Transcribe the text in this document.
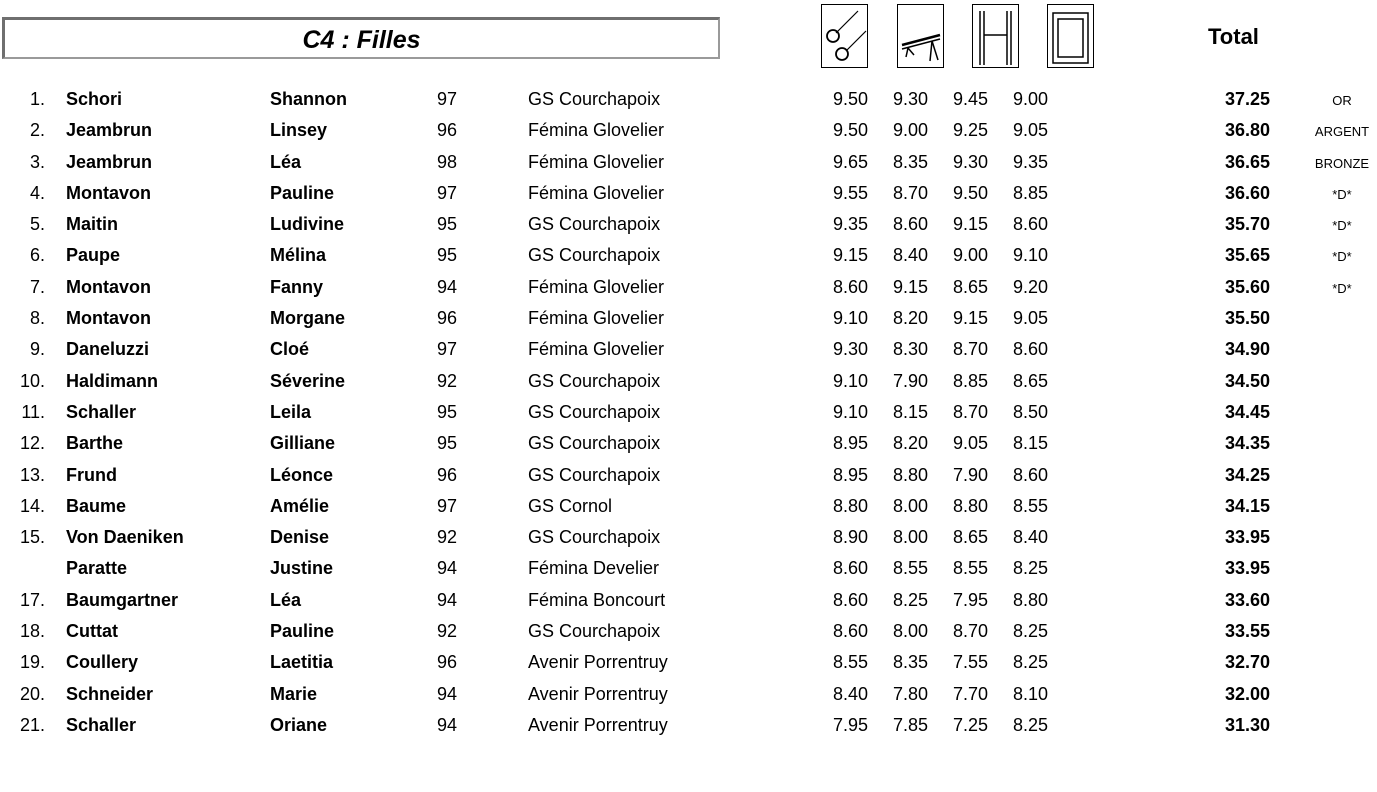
C4 : Filles	Total
1. Schori	Shannon	97	GS Courchapoix	9.50	9.30	9.45	9.00	37.25	OR
2. Jeambrun	Linsey	96	Fémina Glovelier	9.50	9.00	9.25	9.05	36.80	ARGENT
3. Jeambrun	Léa	98	Fémina Glovelier	9.65	8.35	9.30	9.35	36.65	BRONZE
4. Montavon	Pauline	97	Fémina Glovelier	9.55	8.70	9.50	8.85	36.60	*D*
5. Maitin	Ludivine	95	GS Courchapoix	9.35	8.60	9.15	8.60	35.70	*D*
6. Paupe	Mélina	95	GS Courchapoix	9.15	8.40	9.00	9.10	35.65	*D*
7. Montavon	Fanny	94	Fémina Glovelier	8.60	9.15	8.65	9.20	35.60	*D*
8. Montavon	Morgane	96	Fémina Glovelier	9.10	8.20	9.15	9.05	35.50
9. Daneluzzi	Cloé	97	Fémina Glovelier	9.30	8.30	8.70	8.60	34.90
10. Haldimann	Séverine	92	GS Courchapoix	9.10	7.90	8.85	8.65	34.50
11. Schaller	Leila	95	GS Courchapoix	9.10	8.15	8.70	8.50	34.45
12. Barthe	Gilliane	95	GS Courchapoix	8.95	8.20	9.05	8.15	34.35
13. Frund	Léonce	96	GS Courchapoix	8.95	8.80	7.90	8.60	34.25
14. Baume	Amélie	97	GS Cornol	8.80	8.00	8.80	8.55	34.15
15. Von Daeniken	Denise	92	GS Courchapoix	8.90	8.00	8.65	8.40	33.95
Paratte	Justine	94	Fémina Develier	8.60	8.55	8.55	8.25	33.95
17. Baumgartner	Léa	94	Fémina Boncourt	8.60	8.25	7.95	8.80	33.60
18. Cuttat	Pauline	92	GS Courchapoix	8.60	8.00	8.70	8.25	33.55
19. Coullery	Laetitia	96	Avenir Porrentruy	8.55	8.35	7.55	8.25	32.70
20. Schneider	Marie	94	Avenir Porrentruy	8.40	7.80	7.70	8.10	32.00
21. Schaller	Oriane	94	Avenir Porrentruy	7.95	7.85	7.25	8.25	31.30
